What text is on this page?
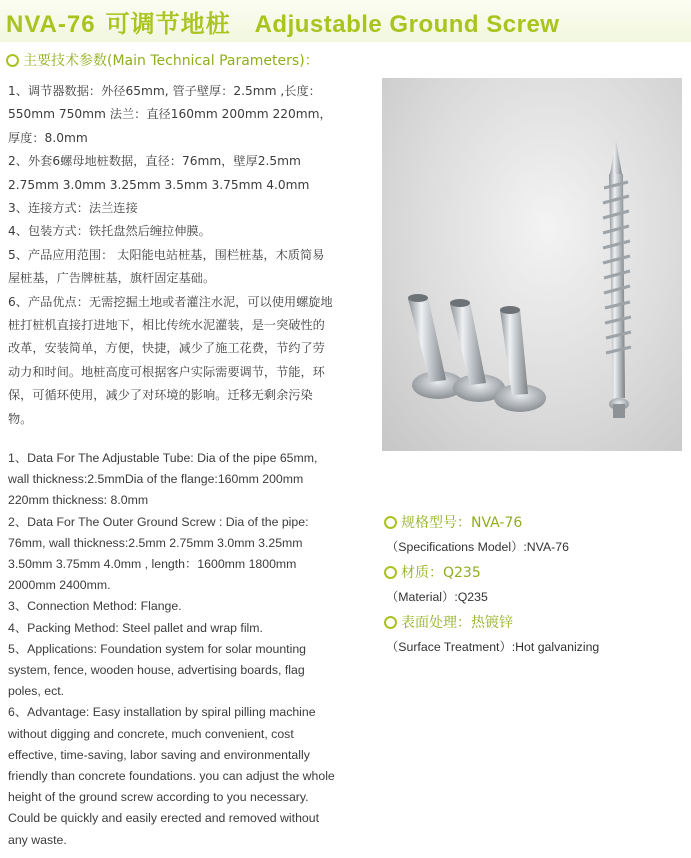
NVA-76 可调节地桩 Adjustable Ground Screw
主要技术参数(Main Technical Parameters)：

1、调节器数据：外径65mm, 管子壁厚：2.5mm ,长度：550mm 750mm 法兰：直径160mm 200mm 220mm，厚度：8.0mm

2、外套6螺母地桩数据，直径：76mm，壁厚2.5mm 2.75mm 3.0mm 3.25mm 3.5mm 3.75mm 4.0mm

3、连接方式：法兰连接

4、包装方式：铁托盘然后缠拉伸膜。

5、产品应用范围： 太阳能电站桩基，围栏桩基，木质简易屋桩基，广告牌桩基，旗杆固定基础。

6、产品优点：无需挖掘土地或者灌注水泥，可以使用螺旋地桩打桩机直接打进地下，相比传统水泥灌装，是一突破性的改革，安装简单，方便，快捷，减少了施工花费，节约了劳动力和时间。地桩高度可根据客户实际需要调节，节能，环保，可循环使用，减少了对环境的影响。迁移无剩余污染物。

1、Data For The Adjustable Tube: Dia of the pipe 65mm, wall thickness:2.5mmDia of the flange:160mm 200mm 220mm thickness: 8.0mm

2、Data For The Outer Ground Screw : Dia of the pipe: 76mm, wall thickness:2.5mm 2.75mm 3.0mm 3.25mm 3.50mm 3.75mm 4.0mm , length：1600mm 1800mm 2000mm 2400mm.

3、Connection Method: Flange.

4、Packing Method: Steel pallet and wrap film.

5、Applications: Foundation system for solar mounting system, fence, wooden house, advertising boards, flag poles, ect.

6、Advantage: Easy installation by spiral pilling machine without digging and concrete, much convenient, cost effective, time-saving, labor saving and environmentally friendly than concrete foundations. you can adjust the whole height of the ground screw according to you necessary. Could be quickly and easily erected and removed without any waste.

规格型号：NVA-76
（Specifications Model）:NVA-76
材质：Q235
（Material）:Q235
表面处理：热镀锌
（Surface Treatment）:Hot galvanizing
